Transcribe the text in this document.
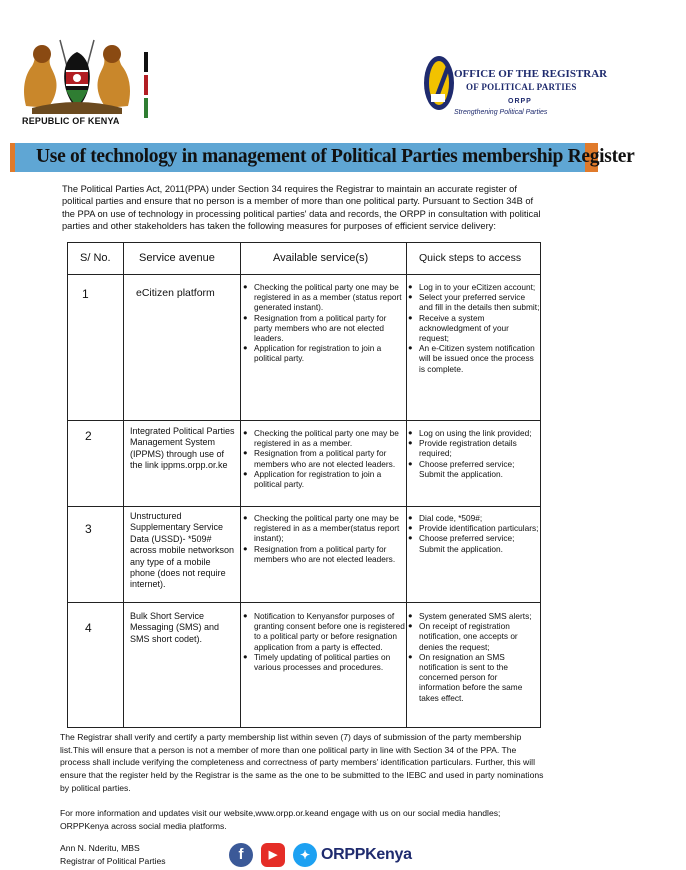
REPUBLIC OF KENYA
OFFICE OF THE REGISTRAR
OF POLITICAL PARTIES
ORPP
Strengthening Political Parties
Use of technology in management of Political Parties membership Register
The Political Parties Act, 2011(PPA) under Section 34 requires the Registrar to maintain an accurate register of political parties and ensure that no person is a member of more than one political party. Pursuant to Section 34B of the PPA on use of technology in processing political parties' data and records, the ORPP in consultation with political parties and other stakeholders has taken the following measures for purposes of efficient service delivery:
S/ No.	Service avenue	Available service(s)	Quick steps to access
1	eCitizen platform
●	Checking the political party one may be registered in as a member (status report generated instant).
● Resignation from a political party for party members who are not elected leaders.
● Application for registration to join a political party.
● Log in to your eCitizen account;
● Select your preferred service and fill in the details then submit;
● Receive a system acknowledgment of your request;
● An e-Citizen system notification will be issued once the process is complete.
2	Integrated Political Parties Management System (IPPMS) through use of the link ippms.orpp.or.ke
● Checking the political party one may be registered in as a member.
● Resignation from a political party for members who are not elected leaders.
● Application for registration to join a political party.
● Log on using the link provided;
● Provide registration details required;
● Choose preferred service; Submit the application.
3
Unstructured Supplementary Service Data (USSD)- *509# across mobile networkson any type of a mobile phone (does not require internet).
● Checking the political party one may be registered in as a member(status report instant);
● Resignation from a political party for members who are not elected leaders.
● Dial code, *509#;
● Provide identification particulars;
● Choose preferred service; Submit the application.
4
Bulk Short Service Messaging (SMS) and SMS short codet).
● Notification to Kenyansfor purposes of granting consent before one is registered to a political party or before resignation application from a party is effected.
● Timely updating of political parties on various processes and procedures.
● System generated SMS alerts;
● On receipt of registration notification, one accepts or denies the request;
● On resignation an SMS notification is sent to the concerned person for information before the same takes effect.
The Registrar shall verify and certify a party membership list within seven (7) days of submission of the party membership list.This will ensure that a person is not a member of more than one political party in line with Section 34 of the PPA. The process shall include verifying the completeness and correctness of party members' identification particulars. Further, this will ensure that the register held by the Registrar is the same as the one to be submitted to the IEBC and used in party nominations by political parties.
For more information and updates visit our website,www.orpp.or.keand engage with us on our social media handles; ORPPKenya across social media platforms.
Ann N. Nderitu, MBS
Registrar of Political Parties	f	▶	✦ ORPPKenya
